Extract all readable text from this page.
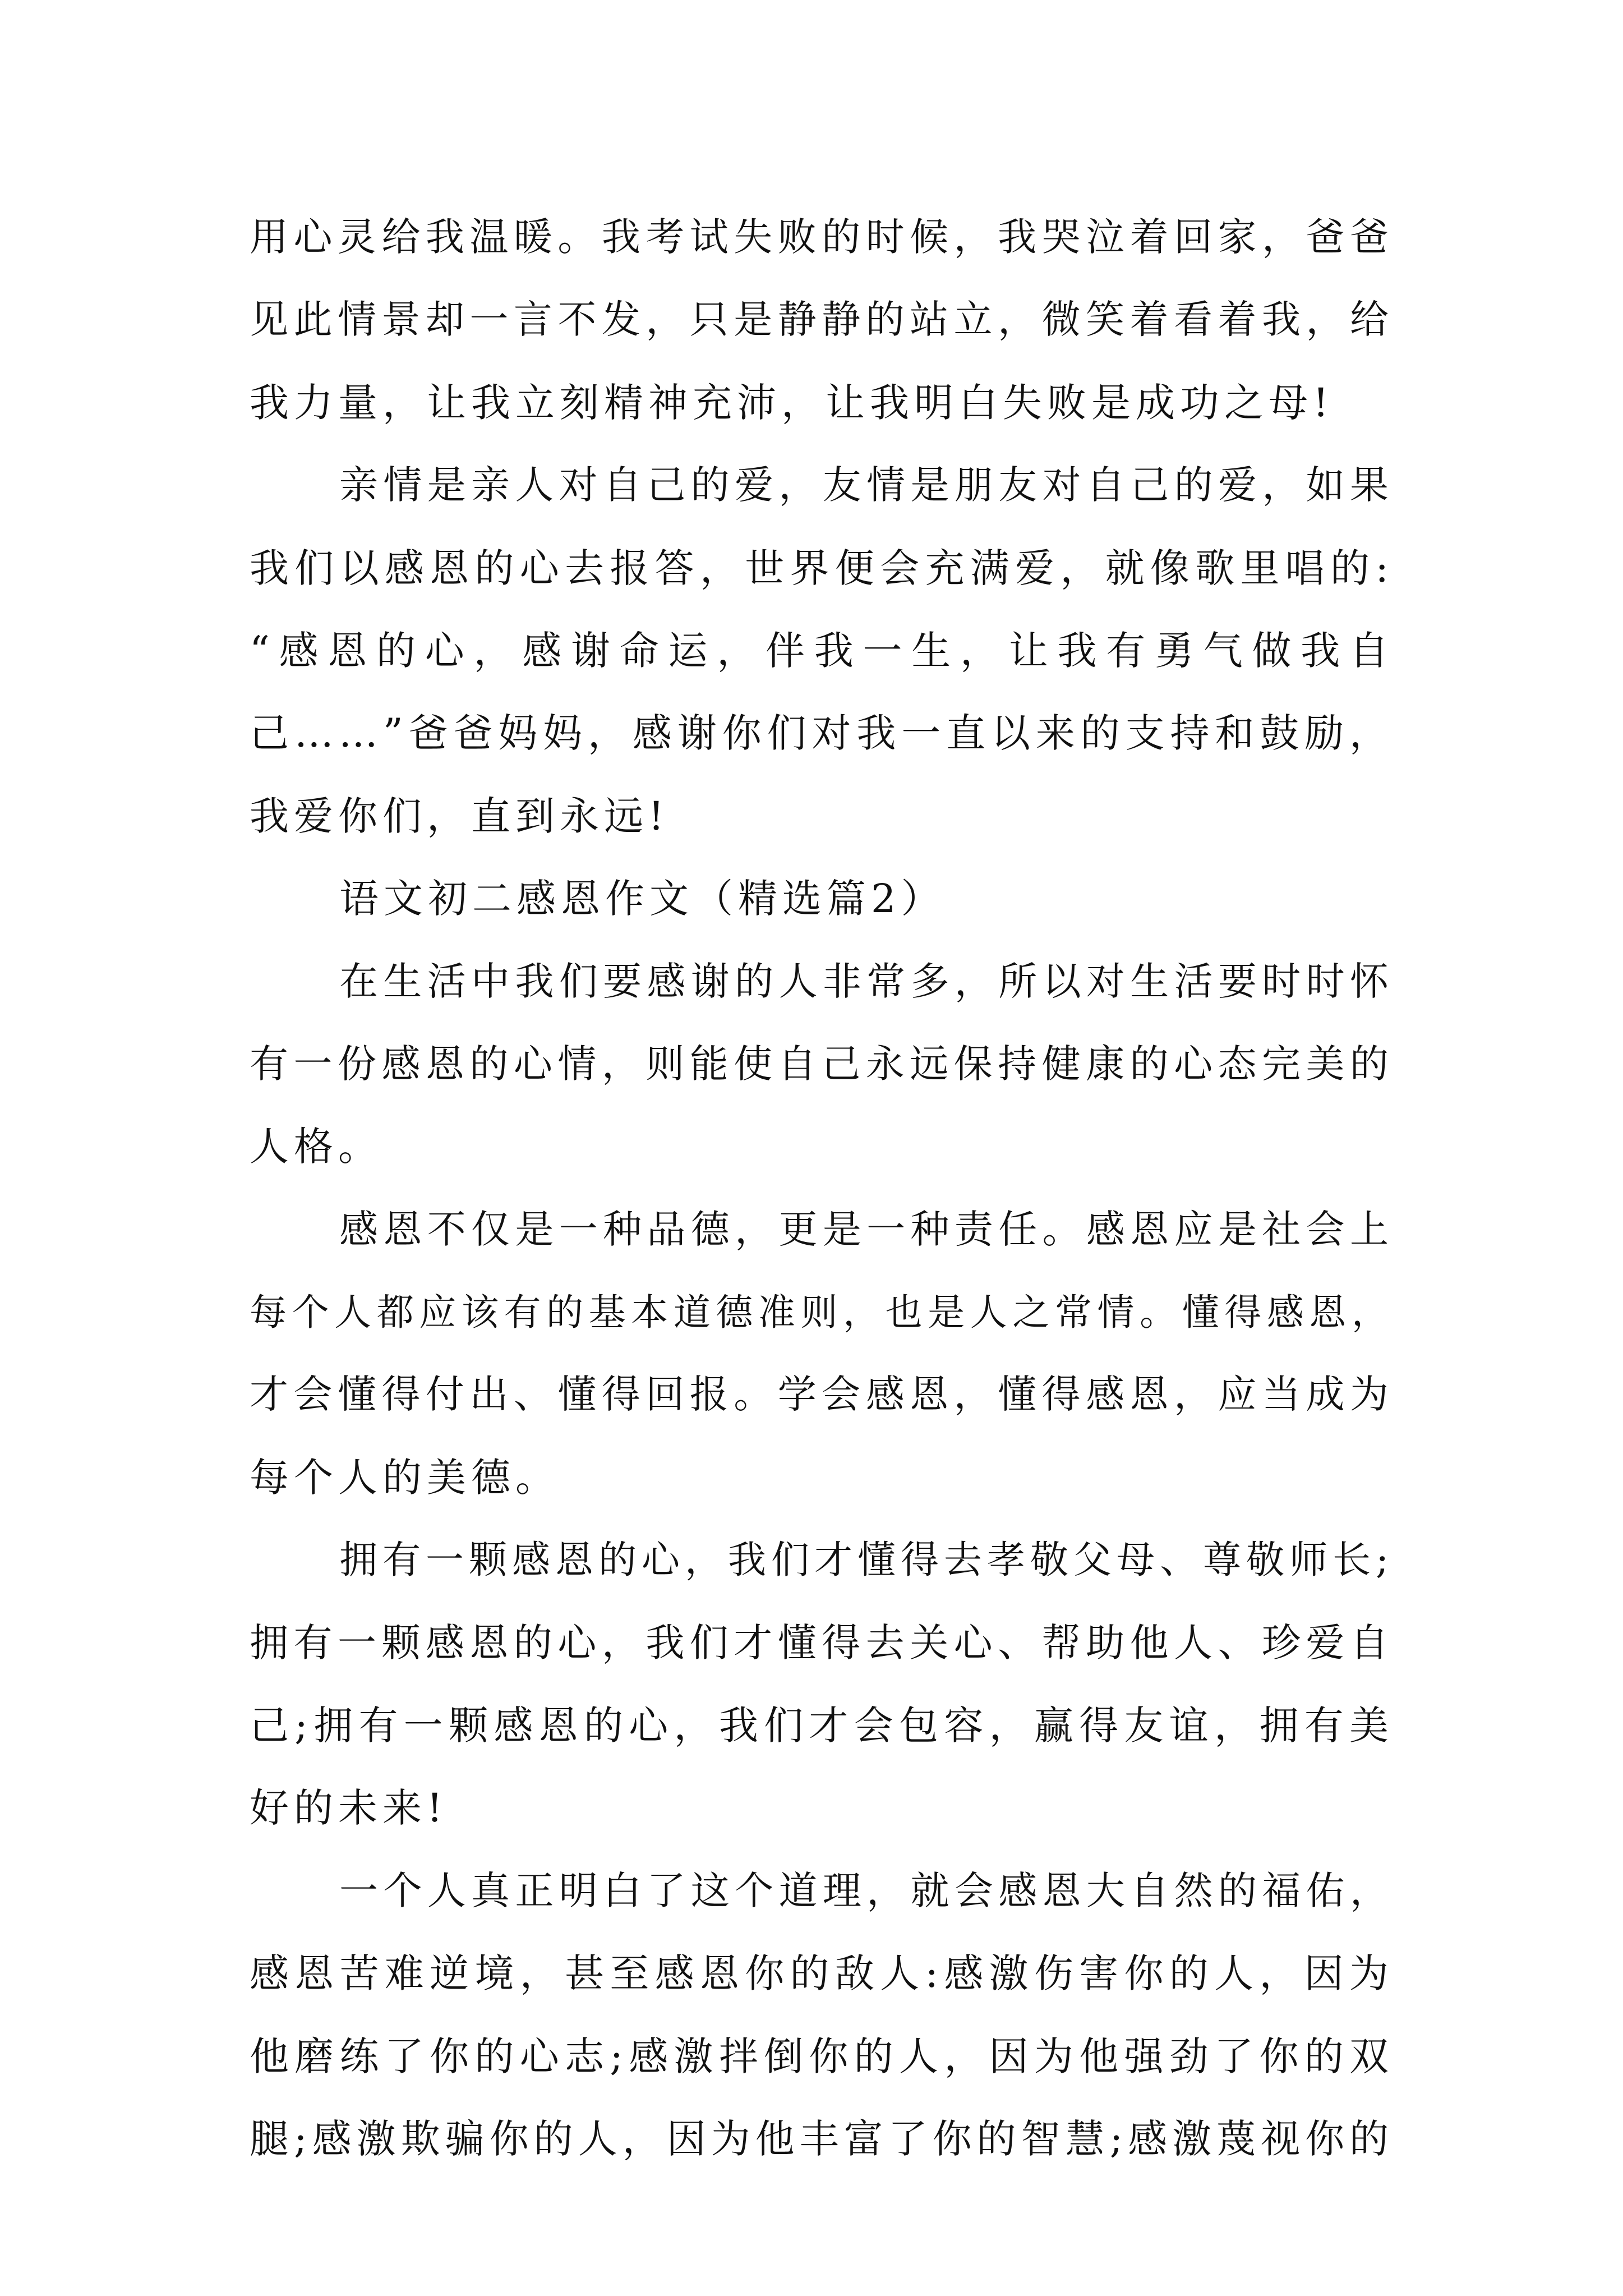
用心灵给我温暖。我考试失败的时候，我哭泣着回家，爸爸
见此情景却一言不发，只是静静的站立，微笑着看着我，给
我力量，让我立刻精神充沛，让我明白失败是成功之母!
亲情是亲人对自己的爱，友情是朋友对自己的爱，如果
我们以感恩的心去报答，世界便会充满爱，就像歌里唱的:
“感恩的心，感谢命运，伴我一生，让我有勇气做我自
己……”爸爸妈妈，感谢你们对我一直以来的支持和鼓励，
我爱你们，直到永远!
语文初二感恩作文（精选篇2）
在生活中我们要感谢的人非常多，所以对生活要时时怀
有一份感恩的心情，则能使自己永远保持健康的心态完美的
人格。
感恩不仅是一种品德，更是一种责任。感恩应是社会上
每个人都应该有的基本道德准则，也是人之常情。懂得感恩，
才会懂得付出、懂得回报。学会感恩，懂得感恩，应当成为
每个人的美德。
拥有一颗感恩的心，我们才懂得去孝敬父母、尊敬师长;
拥有一颗感恩的心，我们才懂得去关心、帮助他人、珍爱自
己;拥有一颗感恩的心，我们才会包容，赢得友谊，拥有美
好的未来!
一个人真正明白了这个道理，就会感恩大自然的福佑，
感恩苦难逆境，甚至感恩你的敌人:感激伤害你的人，因为
他磨练了你的心志;感激拌倒你的人，因为他强劲了你的双
腿;感激欺骗你的人，因为他丰富了你的智慧;感激蔑视你的
